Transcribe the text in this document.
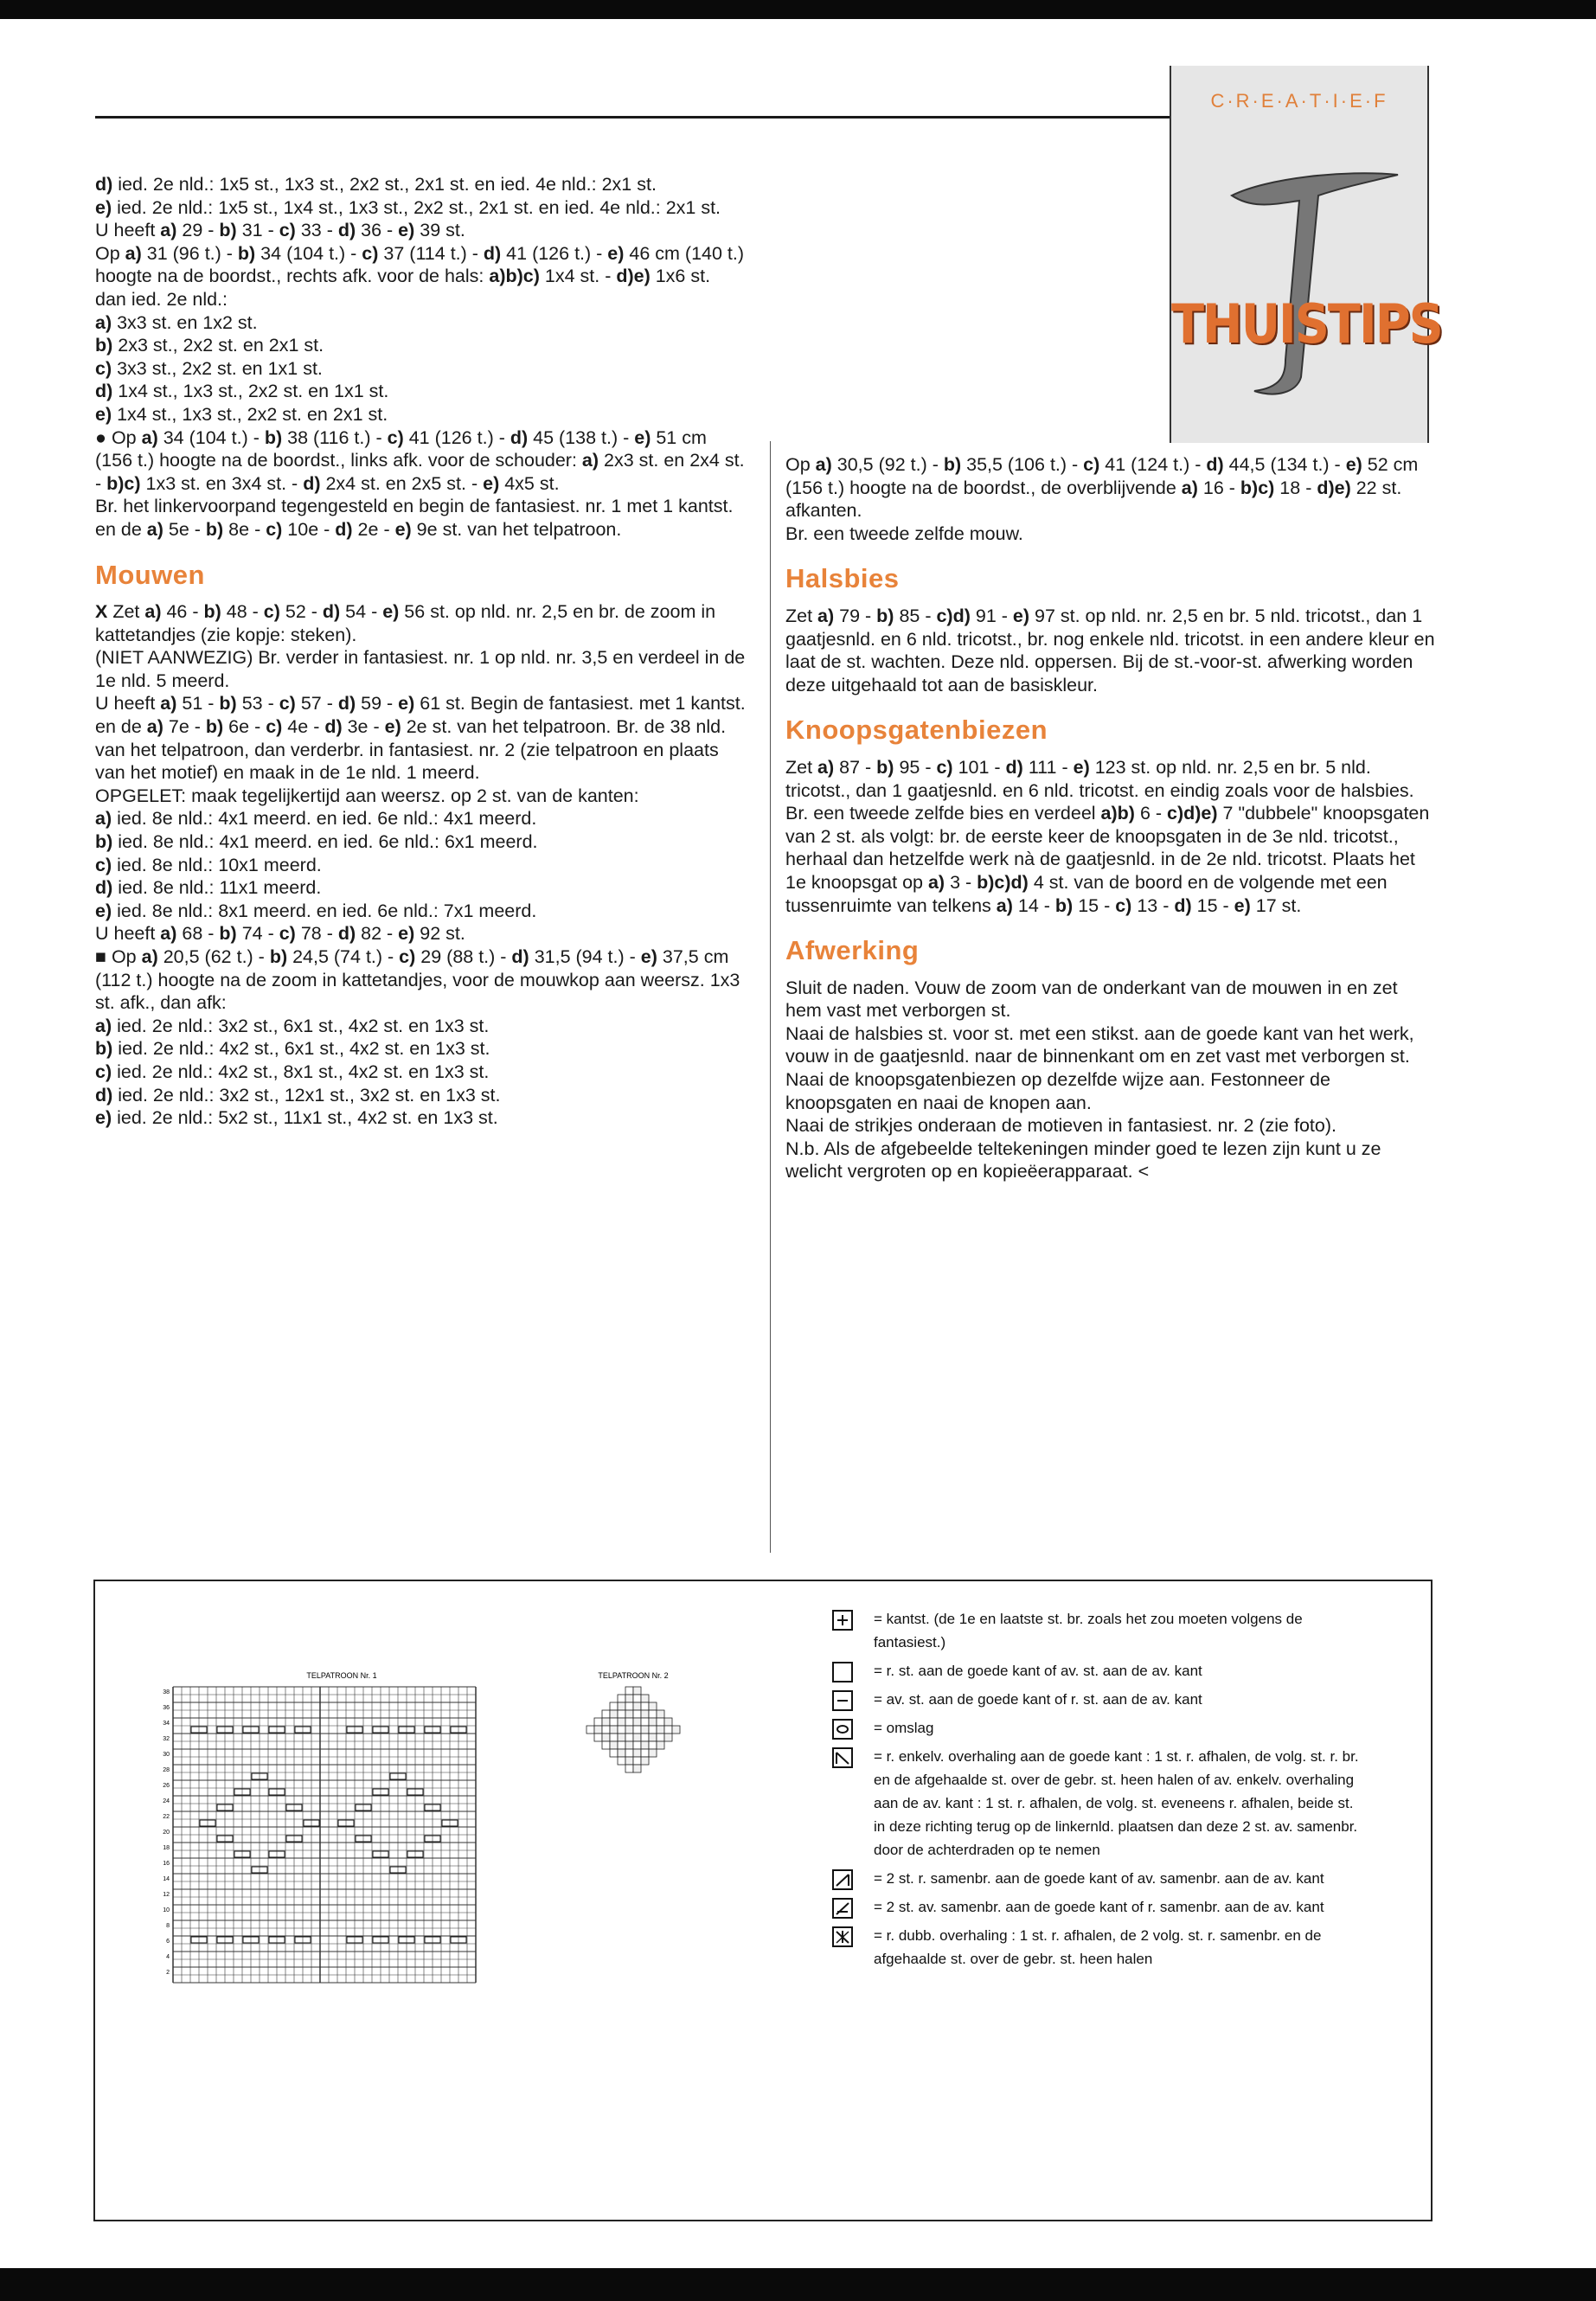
C·R·E·A·T·I·E·F
THUISTIPS

d) ied. 2e nld.: 1x5 st., 1x3 st., 2x2 st., 2x1 st. en ied. 4e nld.: 2x1 st.

e) ied. 2e nld.: 1x5 st., 1x4 st., 1x3 st., 2x2 st., 2x1 st. en ied. 4e nld.: 2x1 st.

U heeft a) 29 - b) 31 - c) 33 - d) 36 - e) 39 st.

Op a) 31 (96 t.) - b) 34 (104 t.) - c) 37 (114 t.) - d) 41 (126 t.) - e) 46 cm (140 t.) hoogte na de boordst., rechts afk. voor de hals: a)b)c) 1x4 st. - d)e) 1x6 st. dan ied. 2e nld.:

a) 3x3 st. en 1x2 st.

b) 2x3 st., 2x2 st. en 2x1 st.

c) 3x3 st., 2x2 st. en 1x1 st.

d) 1x4 st., 1x3 st., 2x2 st. en 1x1 st.

e) 1x4 st., 1x3 st., 2x2 st. en 2x1 st.

● Op a) 34 (104 t.) - b) 38 (116 t.) - c) 41 (126 t.) - d) 45 (138 t.) - e) 51 cm (156 t.) hoogte na de boordst., links afk. voor de schouder: a) 2x3 st. en 2x4 st. - b)c) 1x3 st. en 3x4 st. - d) 2x4 st. en 2x5 st. - e) 4x5 st.

Br. het linkervoorpand tegengesteld en begin de fantasiest. nr. 1 met 1 kantst. en de a) 5e - b) 8e - c) 10e - d) 2e - e) 9e st. van het telpatroon.

Mouwen

X Zet a) 46 - b) 48 - c) 52 - d) 54 - e) 56 st. op nld. nr. 2,5 en br. de zoom in kattetandjes (zie kopje: steken).

(NIET AANWEZIG) Br. verder in fantasiest. nr. 1 op nld. nr. 3,5 en verdeel in de

1e nld. 5 meerd.

U heeft a) 51 - b) 53 - c) 57 - d) 59 - e) 61 st. Begin de fantasiest. met 1 kantst. en de a) 7e - b) 6e - c) 4e - d) 3e - e) 2e st. van het telpatroon. Br. de 38 nld. van het telpatroon, dan verderbr. in fantasiest. nr. 2 (zie telpatroon en plaats van het motief) en maak in de 1e nld. 1 meerd.

OPGELET: maak tegelijkertijd aan weersz. op 2 st. van de kanten:

a) ied. 8e nld.: 4x1 meerd. en ied. 6e nld.: 4x1 meerd.

b) ied. 8e nld.: 4x1 meerd. en ied. 6e nld.: 6x1 meerd.

c) ied. 8e nld.: 10x1 meerd.

d) ied. 8e nld.: 11x1 meerd.

e) ied. 8e nld.: 8x1 meerd. en ied. 6e nld.: 7x1 meerd.

U heeft a) 68 - b) 74 - c) 78 - d) 82 - e) 92 st.

■ Op a) 20,5 (62 t.) - b) 24,5 (74 t.) - c) 29 (88 t.) - d) 31,5 (94 t.) - e) 37,5 cm (112 t.) hoogte na de zoom in kattetandjes, voor de mouwkop aan weersz. 1x3 st. afk., dan afk:

a) ied. 2e nld.: 3x2 st., 6x1 st., 4x2 st. en 1x3 st.

b) ied. 2e nld.: 4x2 st., 6x1 st., 4x2 st. en 1x3 st.

c) ied. 2e nld.: 4x2 st., 8x1 st., 4x2 st. en 1x3 st.

d) ied. 2e nld.: 3x2 st., 12x1 st., 3x2 st. en 1x3 st.

e) ied. 2e nld.: 5x2 st., 11x1 st., 4x2 st. en 1x3 st.

Op a) 30,5 (92 t.) - b) 35,5 (106 t.) - c) 41 (124 t.) - d) 44,5 (134 t.) - e) 52 cm (156 t.) hoogte na de boordst., de overblijvende a) 16 - b)c) 18 - d)e) 22 st. afkanten.

Br. een tweede zelfde mouw.

Halsbies

Zet a) 79 - b) 85 - c)d) 91 - e) 97 st. op nld. nr. 2,5 en br. 5 nld. tricotst., dan 1 gaatjesnld. en 6 nld. tricotst., br. nog enkele nld. tricotst. in een andere kleur en laat de st. wachten. Deze nld. oppersen. Bij de st.-voor-st. afwerking worden deze uitgehaald tot aan de basiskleur.

Knoopsgatenbiezen

Zet a) 87 - b) 95 - c) 101 - d) 111 - e) 123 st. op nld. nr. 2,5 en br. 5 nld. tricotst., dan 1 gaatjesnld. en 6 nld. tricotst. en eindig zoals voor de halsbies.

Br. een tweede zelfde bies en verdeel a)b) 6 - c)d)e) 7 "dubbele" knoopsgaten van 2 st. als volgt: br. de eerste keer de knoopsgaten in de 3e nld. tricotst., herhaal dan hetzelfde werk nà de gaatjesnld. in de 2e nld. tricotst. Plaats het 1e knoopsgat op a) 3 - b)c)d) 4 st. van de boord en de volgende met een tussenruimte van telkens a) 14 - b) 15 - c) 13 - d) 15 - e) 17 st.

Afwerking

Sluit de naden. Vouw de zoom van de onderkant van de mouwen in en zet hem vast met verborgen st.

Naai de halsbies st. voor st. met een stikst. aan de goede kant van het werk, vouw in de gaatjesnld. naar de binnenkant om en zet vast met verborgen st.

Naai de knoopsgatenbiezen op dezelfde wijze aan. Festonneer de knoopsgaten en naai de knopen aan.

Naai de strikjes onderaan de motieven in fantasiest. nr. 2 (zie foto).

N.b. Als de afgebeelde teltekeningen minder goed te lezen zijn kunt u ze welicht vergroten op en kopieëerapparaat. <

TELPATROON Nr. 1
2
4
6
8
10
12
14
16
18
20
22
24
26
28
30
32
34
36
38
TELPATROON Nr. 2
= kantst. (de 1e en laatste st. br. zoals het zou moeten volgens de fantasiest.)
= r. st. aan de goede kant of av. st. aan de av. kant
= av. st. aan de goede kant of r. st. aan de av. kant
= omslag
= r. enkelv. overhaling aan de goede kant : 1 st. r. afhalen, de volg. st. r. br. en de afgehaalde st. over de gebr. st. heen halen of av. enkelv. overhaling aan de av. kant : 1 st. r. afhalen, de volg. st. eveneens r. afhalen, beide st. in deze richting terug op de linkernld. plaatsen dan deze 2 st. av. samenbr. door de achterdraden op te nemen
= 2 st. r. samenbr. aan de goede kant of av. samenbr. aan de av. kant
= 2 st. av. samenbr. aan de goede kant of r. samenbr. aan de av. kant
= r. dubb. overhaling : 1 st. r. afhalen, de 2 volg. st. r. samenbr. en de afgehaalde st. over de gebr. st. heen halen
